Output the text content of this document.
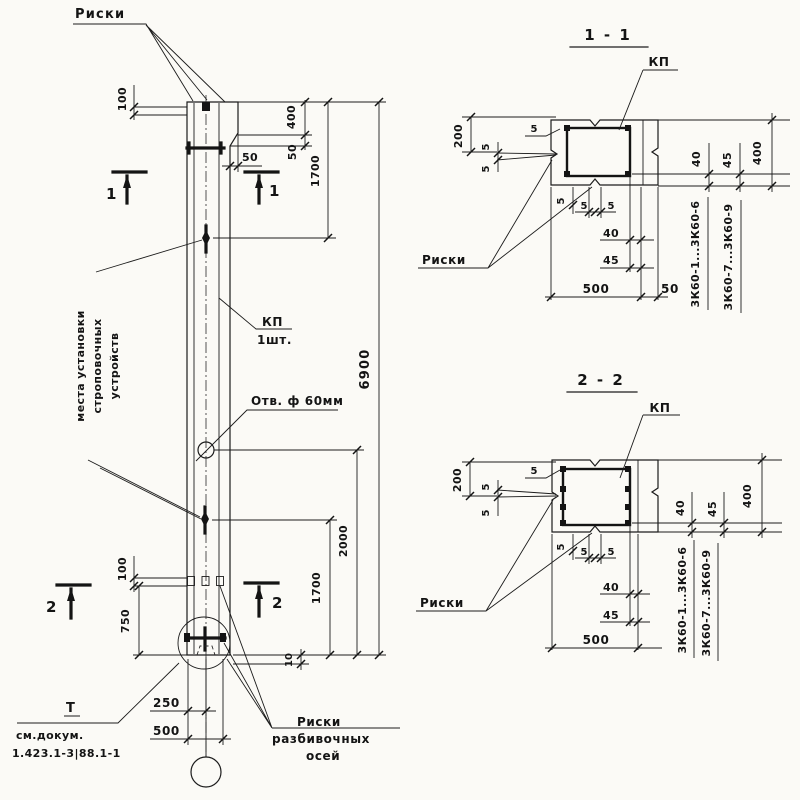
Риски
100
400
50
50
1	1
1700
места установки строповочных устройств
КП
1шт.
Отв. ф 60мм
6900
2000
1700
100
750
2	2
10
250
500
Т
см.докум.
1.423.1-3|88.1-1
Риски
разбивочных
осей
1 - 1
КП
200 5
5
5
5 5 5
40
45
500	50
40 45 400
3К60-1...3К60-6 3К60-7...3К60-9
Риски
2 - 2
КП
200 5
5
5
5 5 5
40
45
500
40 45
400
3К60-1...3К60-6 3К60-7...3К60-9
Риски
